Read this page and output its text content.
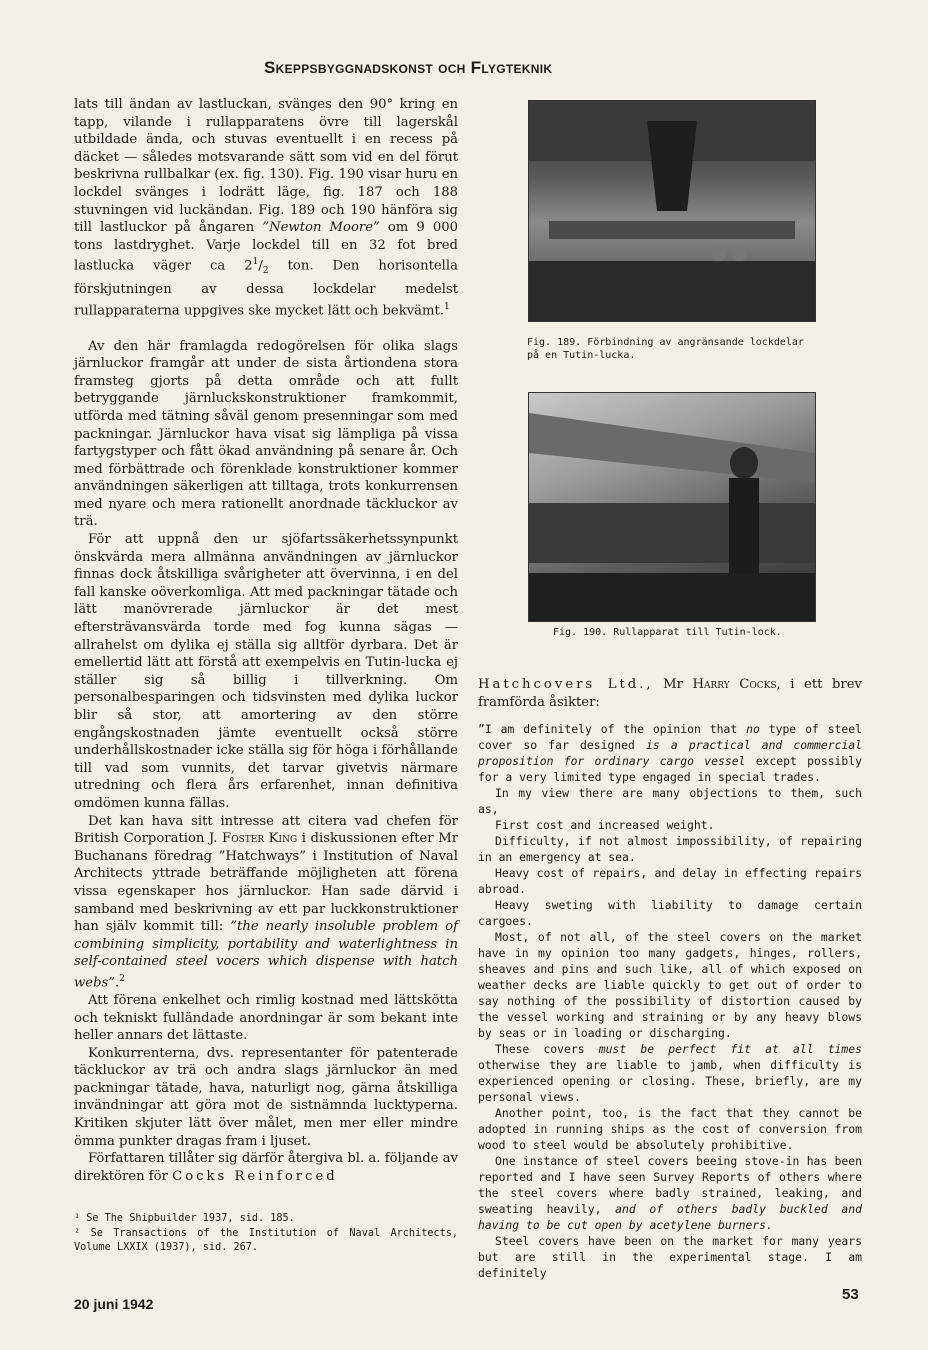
Skeppsbyggnadskonst och Flygteknik

lats till ändan av lastluckan, svänges den 90° kring en tapp, vilande i rullapparatens övre till lagerskål utbildade ända, och stuvas eventuellt i en recess på däcket — således motsvarande sätt som vid en del förut beskrivna rullbalkar (ex. fig. 130). Fig. 190 visar huru en lockdel svänges i lodrätt läge, fig. 187 och 188 stuvningen vid luckändan. Fig. 189 och 190 hänföra sig till lastluckor på ångaren ”Newton Moore” om 9 000 tons lastdryghet. Varje lockdel till en 32 fot bred lastlucka väger ca $2^1/_2$ ton. Den horisontella förskjutningen av dessa lockdelar medelst rullapparaterna uppgives ske mycket lätt och bekvämt.$^1$

Av den här framlagda redogörelsen för olika slags järnluckor framgår att under de sista årtiondena stora framsteg gjorts på detta område och att fullt betryggande järnluckskonstruktioner framkommit, utförda med tätning såväl genom presenningar som med packningar. Järnluckor hava visat sig lämpliga på vissa fartygstyper och fått ökad användning på senare år. Och med förbättrade och förenklade konstruktioner kommer användningen säkerligen att tilltaga, trots konkurrensen med nyare och mera rationellt anordnade täckluckor av trä.

För att uppnå den ur sjöfartssäkerhetssynpunkt önskvärda mera allmänna användningen av järnluckor finnas dock åtskilliga svårigheter att övervinna, i en del fall kanske oöverkomliga. Att med packningar tätade och lätt manövrerade järnluckor är det mest eftersträvansvärda torde med fog kunna sägas — allrahelst om dylika ej ställa sig alltför dyrbara. Det är emellertid lätt att förstå att exempelvis en Tutin-lucka ej ställer sig så billig i tillverkning. Om personalbesparingen och tidsvinsten med dylika luckor blir så stor, att amortering av den större engångskostnaden jämte eventuellt också större underhållskostnader icke ställa sig för höga i förhållande till vad som vunnits, det tarvar givetvis närmare utredning och flera års erfarenhet, innan definitiva omdömen kunna fällas.

Det kan hava sitt intresse att citera vad chefen för British Corporation J. Foster King i diskussionen efter Mr Buchanans föredrag ”Hatchways” i Institution of Naval Architects yttrade beträffande möjligheten att förena vissa egenskaper hos järnluckor. Han sade därvid i samband med beskrivning av ett par luckkonstruktioner han själv kommit till: ”the nearly insoluble problem of combining simplicity, portability and waterlightness in self-contained steel vocers which dispense with hatch webs”.$^2$

Att förena enkelhet och rimlig kostnad med lättskötta och tekniskt fulländade anordningar är som bekant inte heller annars det lättaste.

Konkurrenterna, dvs. representanter för patenterade täckluckor av trä och andra slags järnluckor än med packningar tätade, hava, naturligt nog, gärna åtskilliga invändningar att göra mot de sistnämnda lucktyperna. Kritiken skjuter lätt över målet, men mer eller mindre ömma punkter dragas fram i ljuset.

Författaren tillåter sig därför återgiva bl. a. följande av direktören för Cocks Reinforced

Fig. 189. Förbindning av angränsande lockdelar på en Tutin-lucka.
Fig. 190. Rullapparat till Tutin-lock.

Hatchcovers Ltd., Mr Harry Cocks, i ett brev framförda åsikter:

”I am definitely of the opinion that no type of steel cover so far designed is a practical and commercial proposition for ordinary cargo vessel except possibly for a very limited type engaged in special trades.

In my view there are many objections to them, such as,

First cost and increased weight.

Difficulty, if not almost impossibility, of repairing in an emergency at sea.

Heavy cost of repairs, and delay in effecting repairs abroad.

Heavy sweting with liability to damage certain cargoes.

Most, of not all, of the steel covers on the market have in my opinion too many gadgets, hinges, rollers, sheaves and pins and such like, all of which exposed on weather decks are liable quickly to get out of order to say nothing of the possibility of distortion caused by the vessel working and straining or by any heavy blows by seas or in loading or discharging.

These covers must be perfect fit at all times otherwise they are liable to jamb, when difficulty is experienced opening or closing. These, briefly, are my personal views.

Another point, too, is the fact that they cannot be adopted in running ships as the cost of conversion from wood to steel would be absolutely prohibitive.

One instance of steel covers beeing stove-in has been reported and I have seen Survey Reports of others where the steel covers where badly strained, leaking, and sweating heavily, and of others badly buckled and having to be cut open by acetylene burners.

Steel covers have been on the market for many years but are still in the experimental stage. I am definitely

¹ Se The Shipbuilder 1937, sid. 185.
² Se Transactions of the Institution of Naval Architects, Volume LXXIX (1937), sid. 267.
20 juni 1942
53
